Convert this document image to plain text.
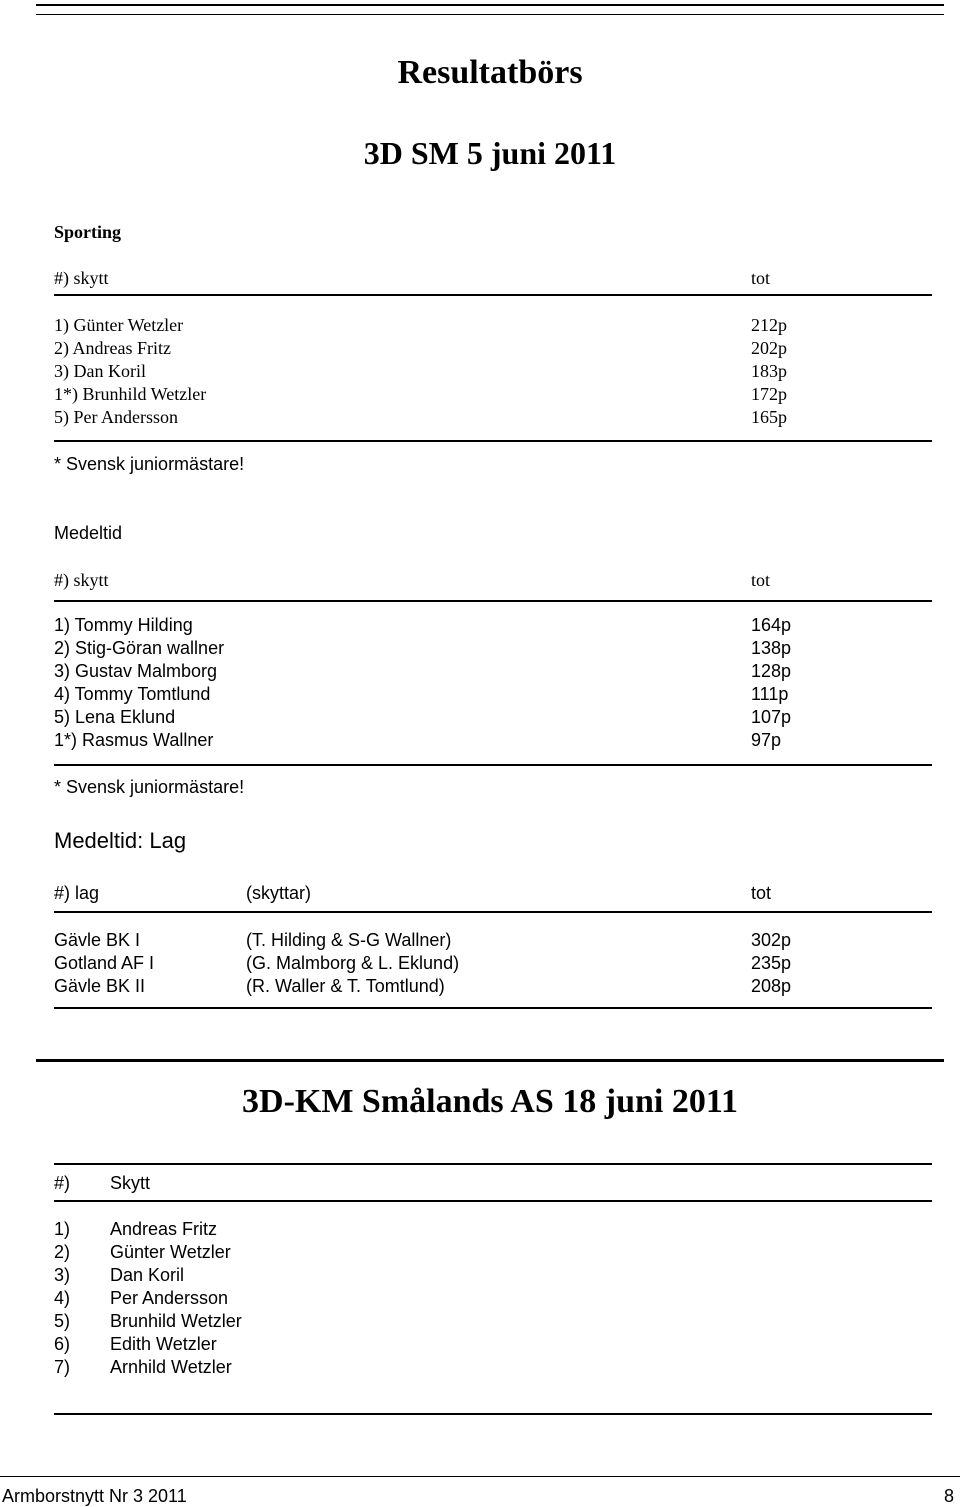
Resultatbörs
3D SM 5 juni 2011
Sporting
#) skytt	tot
1) Günter Wetzler	212p
2) Andreas Fritz	202p
3) Dan Koril	183p
1*) Brunhild Wetzler	172p
5) Per Andersson	165p
* Svensk juniormästare!
Medeltid
#) skytt	tot
1) Tommy Hilding	164p
2) Stig-Göran wallner	138p
3) Gustav Malmborg	128p
4) Tommy Tomtlund	111p
5) Lena Eklund	107p
1*) Rasmus Wallner	97p
* Svensk juniormästare!
Medeltid: Lag
#) lag	(skyttar)	tot
Gävle BK I	(T. Hilding & S-G Wallner)	302p
Gotland AF I	(G. Malmborg & L. Eklund)	235p
Gävle BK II	(R. Waller & T. Tomtlund)	208p
3D-KM Smålands AS 18 juni 2011
#) Skytt
1) Andreas Fritz
2) Günter Wetzler
3) Dan Koril
4) Per Andersson
5) Brunhild Wetzler
6) Edith Wetzler
7) Arnhild Wetzler
Armborstnytt Nr 3 2011	8
